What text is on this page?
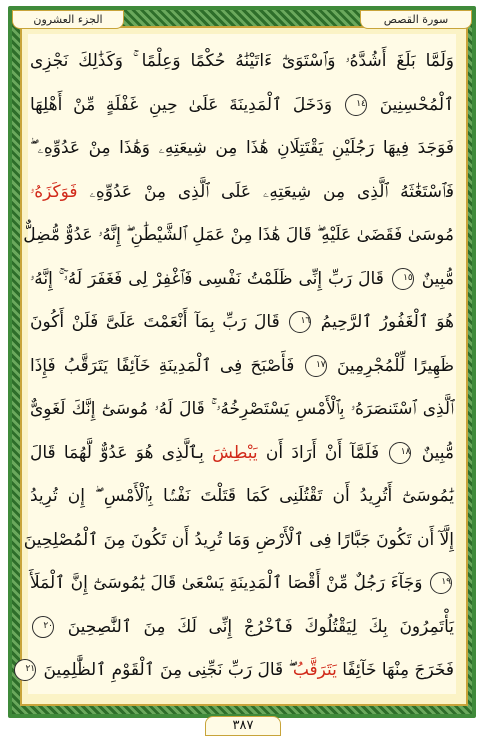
الجزء العشرون	سورة القصص
وَلَمَّا بَلَغَ أَشُدَّهُۥ وَٱسْتَوَىٰٓ ءَاتَيْنَٰهُ حُكْمًا وَعِلْمًا ۚ وَكَذَٰلِكَ نَجْزِى
ٱلْمُحْسِنِينَ ١٤ وَدَخَلَ ٱلْمَدِينَةَ عَلَىٰ حِينِ غَفْلَةٍ مِّنْ أَهْلِهَا
فَوَجَدَ فِيهَا رَجُلَيْنِ يَقْتَتِلَانِ هَٰذَا مِن شِيعَتِهِۦ وَهَٰذَا مِنْ عَدُوِّهِۦ ۖ
فَٱسْتَغَٰثَهُ ٱلَّذِى مِن شِيعَتِهِۦ عَلَى ٱلَّذِى مِنْ عَدُوِّهِۦ فَوَكَزَهُۥ
مُوسَىٰ فَقَضَىٰ عَلَيْهِ ۖ قَالَ هَٰذَا مِنْ عَمَلِ ٱلشَّيْطَٰنِ ۖ إِنَّهُۥ عَدُوٌّ مُّضِلٌّ
مُّبِينٌ ١٥ قَالَ رَبِّ إِنِّى ظَلَمْتُ نَفْسِى فَٱغْفِرْ لِى فَغَفَرَ لَهُۥٓ ۚ إِنَّهُۥ
هُوَ ٱلْغَفُورُ ٱلرَّحِيمُ ١٦ قَالَ رَبِّ بِمَآ أَنْعَمْتَ عَلَىَّ فَلَنْ أَكُونَ
ظَهِيرًا لِّلْمُجْرِمِينَ ١٧ فَأَصْبَحَ فِى ٱلْمَدِينَةِ خَآئِفًا يَتَرَقَّبُ فَإِذَا
ٱلَّذِى ٱسْتَنصَرَهُۥ بِٱلْأَمْسِ يَسْتَصْرِخُهُۥ ۚ قَالَ لَهُۥ مُوسَىٰٓ إِنَّكَ لَغَوِىٌّ
مُّبِينٌ ١٨ فَلَمَّآ أَنْ أَرَادَ أَن يَبْطِشَ بِٱلَّذِى هُوَ عَدُوٌّ لَّهُمَا قَالَ
يَٰمُوسَىٰٓ أَتُرِيدُ أَن تَقْتُلَنِى كَمَا قَتَلْتَ نَفْسًۢا بِٱلْأَمْسِ ۖ إِن تُرِيدُ
إِلَّآ أَن تَكُونَ جَبَّارًا فِى ٱلْأَرْضِ وَمَا تُرِيدُ أَن تَكُونَ مِنَ ٱلْمُصْلِحِينَ
١٩ وَجَآءَ رَجُلٌ مِّنْ أَقْصَا ٱلْمَدِينَةِ يَسْعَىٰ قَالَ يَٰمُوسَىٰٓ إِنَّ ٱلْمَلَأَ
يَأْتَمِرُونَ بِكَ لِيَقْتُلُوكَ فَٱخْرُجْ إِنِّى لَكَ مِنَ ٱلنَّٰصِحِينَ ٢٠
فَخَرَجَ مِنْهَا خَآئِفًا يَتَرَقَّبُ ۖ قَالَ رَبِّ نَجِّنِى مِنَ ٱلْقَوْمِ ٱلظَّٰلِمِينَ ٢١
٣٨٧
